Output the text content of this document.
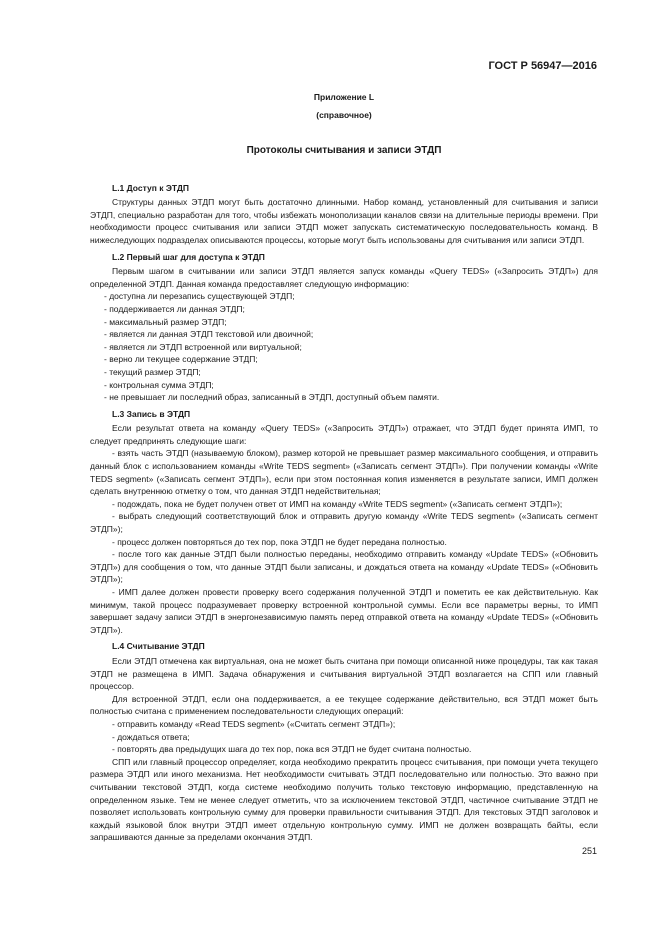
ГОСТ Р 56947—2016

Приложение L
(справочное)
Протоколы считывания и записи ЭТДП
L.1 Доступ к ЭТДП

Структуры данных ЭТДП могут быть достаточно длинными. Набор команд, установленный для считывания и записи ЭТДП, специально разработан для того, чтобы избежать монополизации каналов связи на длительные периоды времени. При необходимости процесс считывания или записи ЭТДП может запускать систематическую последовательность команд. В нижеследующих подразделах описываются процессы, которые могут быть использованы для считывания или записи ЭТДП.

L.2 Первый шаг для доступа к ЭТДП

Первым шагом в считывании или записи ЭТДП является запуск команды «Query TEDS» («Запросить ЭТДП») для определенной ЭТДП. Данная команда предоставляет следующую информацию:

- доступна ли перезапись существующей ЭТДП;
- поддерживается ли данная ЭТДП;
- максимальный размер ЭТДП;
- является ли данная ЭТДП текстовой или двоичной;
- является ли ЭТДП встроенной или виртуальной;
- верно ли текущее содержание ЭТДП;
- текущий размер ЭТДП;
- контрольная сумма ЭТДП;
- не превышает ли последний образ, записанный в ЭТДП, доступный объем памяти.
L.3 Запись в ЭТДП

Если результат ответа на команду «Query TEDS» («Запросить ЭТДП») отражает, что ЭТДП будет принята ИМП, то следует предпринять следующие шаги:

- взять часть ЭТДП (называемую блоком), размер которой не превышает размер максимального сообщения, и отправить данный блок с использованием команды «Write TEDS segment» («Записать сегмент ЭТДП»). При получении команды «Write TEDS segment» («Записать сегмент ЭТДП»), если при этом постоянная копия изменяется в результате записи, ИМП должен сделать внутреннюю отметку о том, что данная ЭТДП недействительная;
- подождать, пока не будет получен ответ от ИМП на команду «Write TEDS segment» («Записать сегмент ЭТДП»);
- выбрать следующий соответствующий блок и отправить другую команду «Write TEDS segment» («Записать сегмент ЭТДП»);
- процесс должен повторяться до тех пор, пока ЭТДП не будет передана полностью.
- после того как данные ЭТДП были полностью переданы, необходимо отправить команду «Update TEDS» («Обновить ЭТДП») для сообщения о том, что данные ЭТДП были записаны, и дождаться ответа на команду «Update TEDS» («Обновить ЭТДП»);
- ИМП далее должен провести проверку всего содержания полученной ЭТДП и пометить ее как действительную. Как минимум, такой процесс подразумевает проверку встроенной контрольной суммы. Если все параметры верны, то ИМП завершает задачу записи ЭТДП в энергонезависимую память перед отправкой ответа на команду «Update TEDS» («Обновить ЭТДП»).
L.4 Считывание ЭТДП

Если ЭТДП отмечена как виртуальная, она не может быть считана при помощи описанной ниже процедуры, так как такая ЭТДП не размещена в ИМП. Задача обнаружения и считывания виртуальной ЭТДП возлагается на СПП или главный процессор.

Для встроенной ЭТДП, если она поддерживается, а ее текущее содержание действительно, вся ЭТДП может быть полностью считана с применением последовательности следующих операций:

- отправить команду «Read TEDS segment» («Считать сегмент ЭТДП»);
- дождаться ответа;
- повторять два предыдущих шага до тех пор, пока вся ЭТДП не будет считана полностью.

СПП или главный процессор определяет, когда необходимо прекратить процесс считывания, при помощи учета текущего размера ЭТДП или иного механизма. Нет необходимости считывать ЭТДП последовательно или полностью. Это важно при считывании текстовой ЭТДП, когда системе необходимо получить только текстовую информацию, представленную на определенном языке. Тем не менее следует отметить, что за исключением текстовой ЭТДП, частичное считывание ЭТДП не позволяет использовать контрольную сумму для проверки правильности считывания ЭТДП. Для текстовых ЭТДП заголовок и каждый языковой блок внутри ЭТДП имеет отдельную контрольную сумму. ИМП не должен возвращать байты, если запрашиваются данные за пределами окончания ЭТДП.

251
